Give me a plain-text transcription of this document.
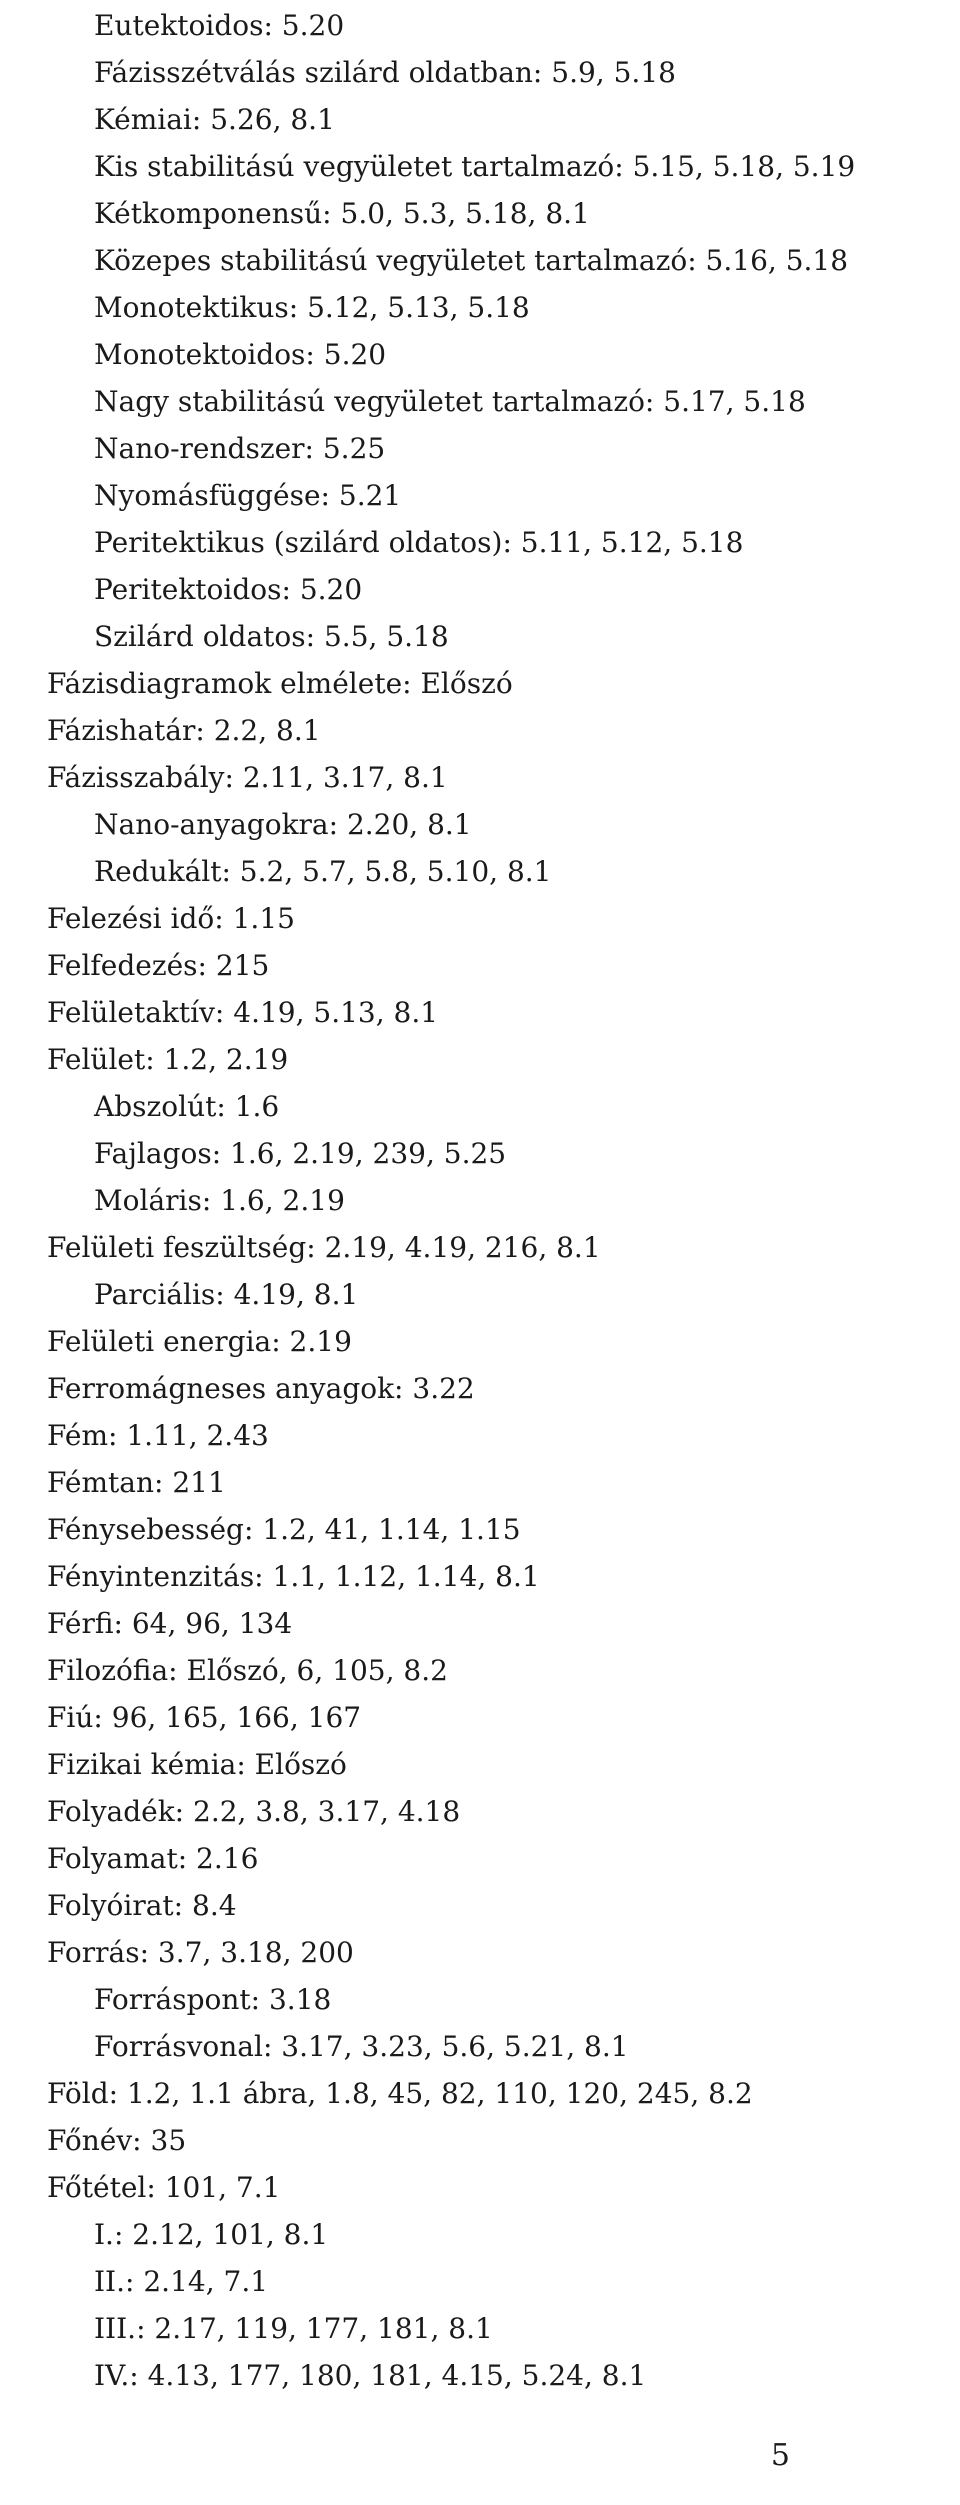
Eutektoidos: 5.20
Fázisszétválás szilárd oldatban: 5.9, 5.18
Kémiai: 5.26, 8.1
Kis stabilitású vegyületet tartalmazó: 5.15, 5.18, 5.19
Kétkomponensű: 5.0, 5.3, 5.18, 8.1
Közepes stabilitású vegyületet tartalmazó: 5.16, 5.18
Monotektikus: 5.12, 5.13, 5.18
Monotektoidos: 5.20
Nagy stabilitású vegyületet tartalmazó: 5.17, 5.18
Nano-rendszer: 5.25
Nyomásfüggése: 5.21
Peritektikus (szilárd oldatos): 5.11, 5.12, 5.18
Peritektoidos: 5.20
Szilárd oldatos: 5.5, 5.18
Fázisdiagramok elmélete: Előszó
Fázishatár: 2.2, 8.1
Fázisszabály: 2.11, 3.17, 8.1
Nano-anyagokra: 2.20, 8.1
Redukált: 5.2, 5.7, 5.8, 5.10, 8.1
Felezési idő: 1.15
Felfedezés: 215
Felületaktív: 4.19, 5.13, 8.1
Felület: 1.2, 2.19
Abszolút: 1.6
Fajlagos: 1.6, 2.19, 239, 5.25
Moláris: 1.6, 2.19
Felületi feszültség: 2.19, 4.19, 216, 8.1
Parciális: 4.19, 8.1
Felületi energia: 2.19
Ferromágneses anyagok: 3.22
Fém: 1.11, 2.43
Fémtan: 211
Fénysebesség: 1.2, 41, 1.14, 1.15
Fényintenzitás: 1.1, 1.12, 1.14, 8.1
Férfi: 64, 96, 134
Filozófia: Előszó, 6, 105, 8.2
Fiú: 96, 165, 166, 167
Fizikai kémia: Előszó
Folyadék: 2.2, 3.8, 3.17, 4.18
Folyamat: 2.16
Folyóirat: 8.4
Forrás: 3.7, 3.18, 200
Forráspont: 3.18
Forrásvonal: 3.17, 3.23, 5.6, 5.21, 8.1
Föld: 1.2, 1.1 ábra, 1.8, 45, 82, 110, 120, 245, 8.2
Főnév: 35
Főtétel: 101, 7.1
I.: 2.12, 101, 8.1
II.: 2.14, 7.1
III.: 2.17, 119, 177, 181, 8.1
IV.: 4.13, 177, 180, 181, 4.15, 5.24, 8.1
5
